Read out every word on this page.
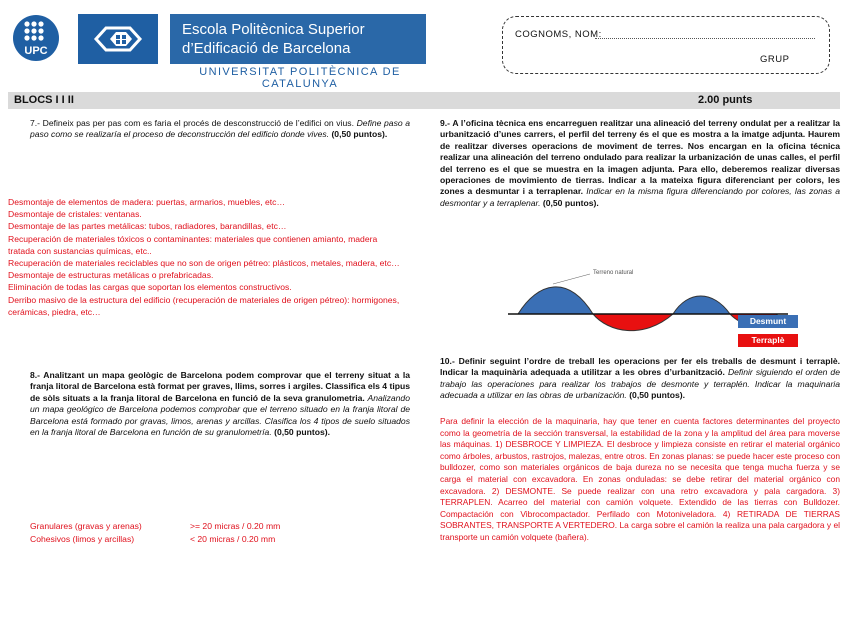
UPC
Escola Politècnica Superior
d’Edificació de Barcelona
UNIVERSITAT POLITÈCNICA DE CATALUNYA
COGNOMS, NOM:
GRUP
BLOCS I I II	2.00 punts
7.- Defineix pas per pas com es faria el procés de desconstrucció de l’edifici on vius. Define paso a paso como se realizaría el proceso de deconstrucción del edificio donde vives. (0,50 puntos).
Desmontaje de elementos de madera: puertas, armarios, muebles, etc…
Desmontaje de cristales: ventanas.
Desmontaje de las partes metálicas: tubos, radiadores, barandillas, etc…
Recuperación de materiales tóxicos o contaminantes: materiales que contienen amianto, madera tratada con sustancias químicas, etc..
Recuperación de materiales reciclables que no son de origen pétreo: plásticos, metales, madera, etc…
Desmontaje de estructuras metálicas o prefabricadas.
Eliminación de todas las cargas que soportan los elementos constructivos.
Derribo masivo de la estructura del edificio (recuperación de materiales de origen pétreo): hormigones, cerámicas, piedra, etc…
8.- Analitzant un mapa geològic de Barcelona podem comprovar que el terreny situat a la franja litoral de Barcelona està format per graves, llims, sorres i argiles. Classifica els 4 tipus de sòls situats a la franja litoral de Barcelona en funció de la seva granulometria. Analizando un mapa geológico de Barcelona podemos comprobar que el terreno situado en la franja litoral de Barcelona está formado por gravas, limos, arenas y arcillas. Clasifica los 4 tipos de suelo situados en la franja litoral de Barcelona en función de su granulometría. (0,50 puntos).
Granulares (gravas y arenas)	>= 20 micras / 0.20 mm
Cohesivos (limos y arcillas)	< 20 micras / 0.20 mm
9.- A l’oficina tècnica ens encarreguen realitzar una alineació del terreny ondulat per a realitzar la urbanització d’unes carrers, el perfil del terreny és el que es mostra a la imatge adjunta. Haurem de realitzar diverses operacions de moviment de terres. Nos encargan en la oficina técnica realizar una alineación del terreno ondulado para realizar la urbanización de unas calles, el perfil del terreno es el que se muestra en la imagen adjunta. Para ello, deberemos realizar diversas operaciones de movimiento de tierras. Indicar a la mateixa figura diferenciant per colors, les zones a desmuntar i a terraplenar. Indicar en la misma figura diferenciando por colores, las zonas a desmontar y a terraplenar. (0,50 puntos).
Terreno natural
Desmunt
Terraplè
10.- Definir seguint l’ordre de treball les operacions per fer els treballs de desmunt i terraplè. Indicar la maquinària adequada a utilitzar a les obres d’urbanització. Definir siguiendo el orden de trabajo las operaciones para realizar los trabajos de desmonte y terraplén. Indicar la maquinaria adecuada a utilizar en las obras de urbanización. (0,50 puntos).
Para definir la elección de la maquinaria, hay que tener en cuenta factores determinantes del proyecto como la geometría de la sección transversal, la estabilidad de la zona y la amplitud del área para moverse las máquinas. 1) DESBROCE Y LIMPIEZA. El desbroce y limpieza consiste en retirar el material orgánico como árboles, arbustos, rastrojos, malezas, entre otros. En zonas planas: se puede hacer este proceso con bulldozer, como son materiales orgánicos de baja dureza no se necesita que tenga mucha fuerza y se carga el material con excavadora. En zonas onduladas: se debe retirar del material orgánico con excavadora. 2) DESMONTE. Se puede realizar con una retro excavadora y pala cargadora. 3) TERRAPLEN. Acarreo del material con camión volquete. Extendido de las tierras con Bulldozer. Compactación con Vibrocompactador. Perfilado con Motoniveladora. 4) RETIRADA DE TIERRAS SOBRANTES, TRANSPORTE A VERTEDERO. La carga sobre el camión la realiza una pala cargadora y el transporte un camión volquete (bañera).
